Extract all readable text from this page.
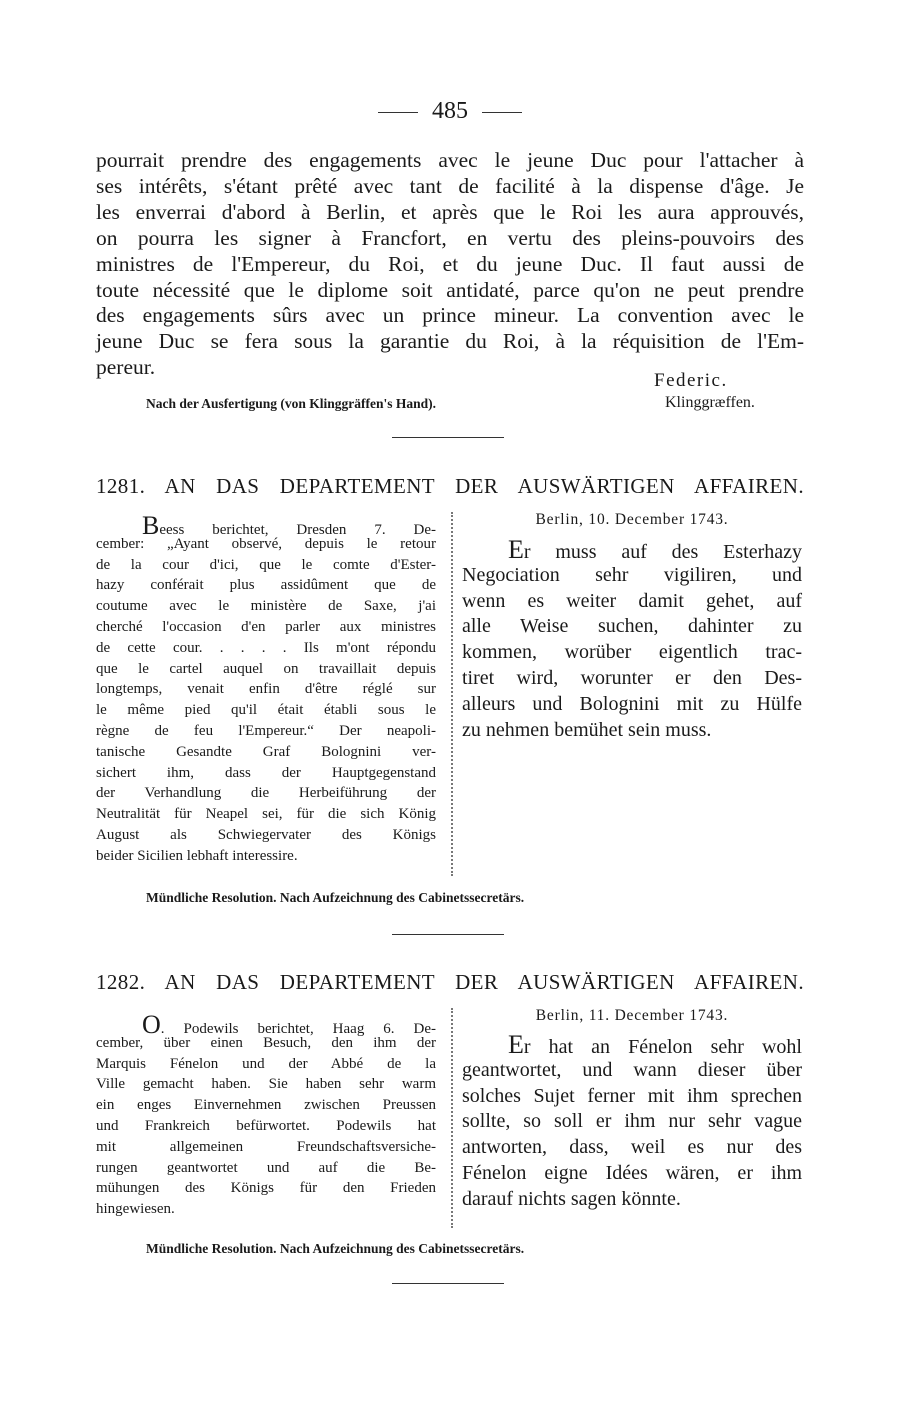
485
pourrait prendre des engagements avec le jeune Duc pour l'attacher à
ses intérêts, s'étant prêté avec tant de facilité à la dispense d'âge. Je
les enverrai d'abord à Berlin, et après que le Roi les aura approuvés,
on pourra les signer à Francfort, en vertu des pleins-pouvoirs des
ministres de l'Empereur, du Roi, et du jeune Duc. Il faut aussi de
toute nécessité que le diplome soit antidaté, parce qu'on ne peut prendre
des engagements sûrs avec un prince mineur. La convention avec le
jeune Duc se fera sous la garantie du Roi, à la réquisition de l'Em-
pereur.
Federic.
Nach der Ausfertigung (von Klinggräffen's Hand).	Klinggræffen.
1281. AN DAS DEPARTEMENT DER AUSWÄRTIGEN AFFAIREN.
Beess berichtet, Dresden 7. De-
cember: „Ayant observé, depuis le retour
de la cour d'ici, que le comte d'Ester-
hazy conférait plus assidûment que de
coutume avec le ministère de Saxe, j'ai
cherché l'occasion d'en parler aux ministres
de cette cour. . . . . Ils m'ont répondu
que le cartel auquel on travaillait depuis
longtemps, venait enfin d'être réglé sur
le même pied qu'il était établi sous le
règne de feu l'Empereur.“ Der neapoli-
tanische Gesandte Graf Bolognini ver-
sichert ihm, dass der Hauptgegenstand
der Verhandlung die Herbeiführung der
Neutralität für Neapel sei, für die sich König
August als Schwiegervater des Königs
beider Sicilien lebhaft interessire.
Berlin, 10. December 1743.
Er muss auf des Esterhazy
Negociation sehr vigiliren, und
wenn es weiter damit gehet, auf
alle Weise suchen, dahinter zu
kommen, worüber eigentlich trac-
tiret wird, worunter er den Des-
alleurs und Bolognini mit zu Hülfe
zu nehmen bemühet sein muss.
Mündliche Resolution. Nach Aufzeichnung des Cabinetssecretärs.
1282. AN DAS DEPARTEMENT DER AUSWÄRTIGEN AFFAIREN.
O. Podewils berichtet, Haag 6. De-
cember, über einen Besuch, den ihm der
Marquis Fénelon und der Abbé de la
Ville gemacht haben. Sie haben sehr warm
ein enges Einvernehmen zwischen Preussen
und Frankreich befürwortet. Podewils hat
mit allgemeinen Freundschaftsversiche-
rungen geantwortet und auf die Be-
mühungen des Königs für den Frieden
hingewiesen.
Berlin, 11. December 1743.
Er hat an Fénelon sehr wohl
geantwortet, und wann dieser über
solches Sujet ferner mit ihm sprechen
sollte, so soll er ihm nur sehr vague
antworten, dass, weil es nur des
Fénelon eigne Idées wären, er ihm
darauf nichts sagen könnte.
Mündliche Resolution. Nach Aufzeichnung des Cabinetssecretärs.
